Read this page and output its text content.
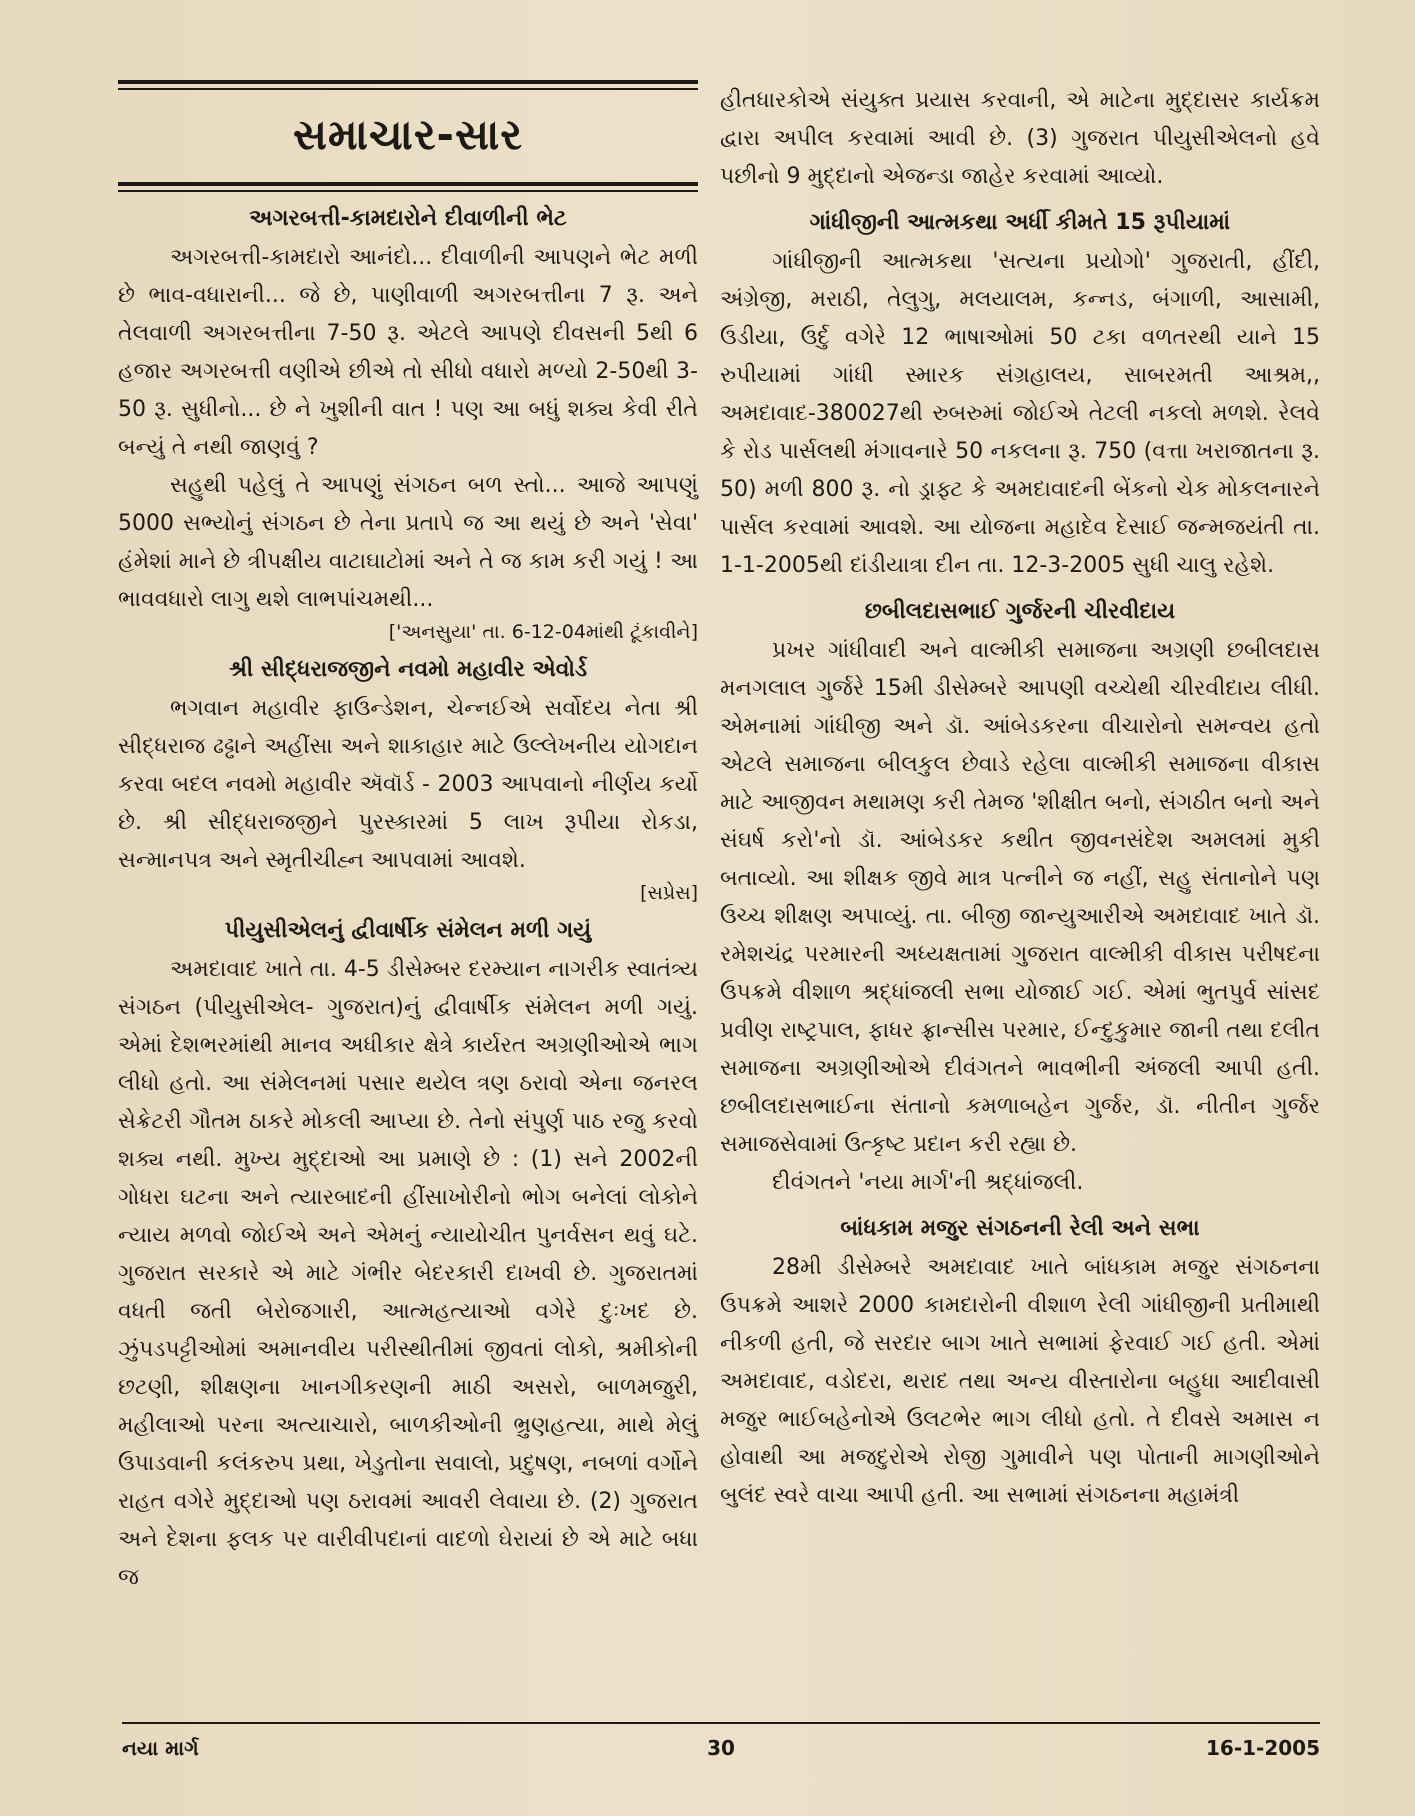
સમાચાર-સાર
અગરબત્તી-કામદારોને દીવાળીની ભેટ

અગરબત્તી-કામદારો આનંદો... દીવાળીની આપણને ભેટ મળી છે ભાવ-વધારાની... જે છે, પાણીવાળી અગરબત્તીના 7 રૂ. અને તેલવાળી અગરબત્તીના 7-50 રૂ. એટલે આપણે દીવસની 5થી 6 હજાર અગરબત્તી વણીએ છીએ તો સીધો વધારો મળ્યો 2-50થી 3-50 રૂ. સુધીનો... છે ને ખુશીની વાત ! પણ આ બધું શક્ય કેવી રીતે બન્યું તે નથી જાણવું ?

સહુથી પહેલું તે આપણું સંગઠન બળ સ્તો... આજે આપણું 5000 સભ્યોનું સંગઠન છે તેના પ્રતાપે જ આ થયું છે અને 'સેવા' હંમેશાં માને છે ત્રીપક્ષીય વાટાઘાટોમાં અને તે જ કામ કરી ગયું ! આ ભાવવધારો લાગુ થશે લાભપાંચમથી...

['અનસુયા' તા. 6-12-04માંથી ટૂંકાવીને]
શ્રી સીદ્ધરાજજીને નવમો મહાવીર એવોર્ડ

ભગવાન મહાવીર ફાઉન્ડેશન, ચેન્નઈએ સર્વોદય નેતા શ્રી સીદ્ધરાજ ઢઢ્ઢાને અહીંસા અને શાકાહાર માટે ઉલ્લેખનીય યોગદાન કરવા બદલ નવમો મહાવીર ઍવૉર્ડ - 2003 આપવાનો નીર્ણય કર્યો છે. શ્રી સીદ્ધરાજજીને પુરસ્કારમાં 5 લાખ રૂપીયા રોકડા, સન્માનપત્ર અને સ્મૃતીચીહ્ન આપવામાં આવશે.

[સપ્રેસ]
પીયુસીએલનું દ્વીવાર્ષીક સંમેલન મળી ગયું

અમદાવાદ ખાતે તા. 4-5 ડીસેમ્બર દરમ્યાન નાગરીક સ્વાતંત્ર્ય સંગઠન (પીયુસીએલ- ગુજરાત)નું દ્વીવાર્ષીક સંમેલન મળી ગયું. એમાં દેશભરમાંથી માનવ અધીકાર ક્ષેત્રે કાર્યરત અગ્રણીઓએ ભાગ લીધો હતો. આ સંમેલનમાં પસાર થયેલ ત્રણ ઠરાવો એના જનરલ સેક્રેટરી ગૌતમ ઠાકરે મોકલી આપ્યા છે. તેનો સંપુર્ણ પાઠ રજુ કરવો શક્ય નથી. મુખ્ય મુદ્દાઓ આ પ્રમાણે છે : (1) સને 2002ની ગોધરા ઘટના અને ત્યારબાદની હીંસાખોરીનો ભોગ બનેલાં લોકોને ન્યાય મળવો જોઈએ અને એમનું ન્યાયોચીત પુનર્વસન થવું ઘટે. ગુજરાત સરકારે એ માટે ગંભીર બેદરકારી દાખવી છે. ગુજરાતમાં વધતી જતી બેરોજગારી, આત્મહત્યાઓ વગેરે દુઃખદ છે. ઝુંપડપટ્ટીઓમાં અમાનવીય પરીસ્થીતીમાં જીવતાં લોકો, શ્રમીકોની છટણી, શીક્ષણના ખાનગીકરણની માઠી અસરો, બાળમજુરી, મહીલાઓ પરના અત્યાચારો, બાળકીઓની ભ્રુણહત્યા, માથે મેલું ઉપાડવાની કલંકરુપ પ્રથા, ખેડુતોના સવાલો, પ્રદુષણ, નબળાં વર્ગોને રાહત વગેરે મુદ્દાઓ પણ ઠરાવમાં આવરી લેવાયા છે. (2) ગુજરાત અને દેશના ફલક પર વારીવીપદાનાં વાદળો ઘેરાયાં છે એ માટે બધા જ

હીતધારકોએ સંયુક્ત પ્રયાસ કરવાની, એ માટેના મુદ્દાસર કાર્યક્રમ દ્વારા અપીલ કરવામાં આવી છે. (3) ગુજરાત પીયુસીએલનો હવે પછીનો 9 મુદ્દાનો એજન્ડા જાહેર કરવામાં આવ્યો.

ગાંધીજીની આત્મકથા અર્ધી કીમતે 15 રૂપીયામાં

ગાંધીજીની આત્મકથા 'સત્યના પ્રયોગો' ગુજરાતી, હીંદી, અંગ્રેજી, મરાઠી, તેલુગુ, મલયાલમ, કન્નડ, બંગાળી, આસામી, ઉડીયા, ઉર્દુ વગેરે 12 ભાષાઓમાં 50 ટકા વળતરથી યાને 15 રુપીયામાં ગાંધી સ્મારક સંગ્રહાલય, સાબરમતી આશ્રમ,, અમદાવાદ-380027થી રુબરુમાં જોઈએ તેટલી નકલો મળશે. રેલવે કે રોડ પાર્સલથી મંગાવનારે 50 નકલના રૂ. 750 (વત્તા ખરાજાતના રૂ. 50) મળી 800 રૂ. નો ડ્રાફ્ટ કે અમદાવાદની બેંકનો ચેક મોકલનારને પાર્સલ કરવામાં આવશે. આ યોજના મહાદેવ દેસાઈ જન્મજયંતી તા. 1-1-2005થી દાંડીયાત્રા દીન તા. 12-3-2005 સુધી ચાલુ રહેશે.

છબીલદાસભાઈ ગુર્જરની ચીરવીદાય

પ્રખર ગાંધીવાદી અને વાલ્મીકી સમાજના અગ્રણી છબીલદાસ મનગલાલ ગુર્જરે 15મી ડીસેમ્બરે આપણી વચ્ચેથી ચીરવીદાય લીધી. એમનામાં ગાંધીજી અને ડૉ. આંબેડકરના વીચારોનો સમન્વય હતો એટલે સમાજના બીલકુલ છેવાડે રહેલા વાલ્મીકી સમાજના વીકાસ માટે આજીવન મથામણ કરી તેમજ 'શીક્ષીત બનો, સંગઠીત બનો અને સંઘર્ષ કરો'નો ડૉ. આંબેડકર કથીત જીવનસંદેશ અમલમાં મુકી બતાવ્યો. આ શીક્ષક જીવે માત્ર પત્નીને જ નહીં, સહુ સંતાનોને પણ ઉચ્ચ શીક્ષણ અપાવ્યું. તા. બીજી જાન્યુઆરીએ અમદાવાદ ખાતે ડૉ. રમેશચંદ્ર પરમારની અધ્યક્ષતામાં ગુજરાત વાલ્મીકી વીકાસ પરીષદના ઉપક્રમે વીશાળ શ્રદ્ધાંજલી સભા યોજાઈ ગઈ. એમાં ભુતપુર્વ સાંસદ પ્રવીણ રાષ્ટ્રપાલ, ફાધર ફ્રાન્સીસ પરમાર, ઈન્દુકુમાર જાની તથા દલીત સમાજના અગ્રણીઓએ દીવંગતને ભાવભીની અંજલી આપી હતી. છબીલદાસભાઈના સંતાનો કમળાબહેન ગુર્જર, ડૉ. નીતીન ગુર્જર સમાજસેવામાં ઉત્કૃષ્ટ પ્રદાન કરી રહ્યા છે.

દીવંગતને 'નયા માર્ગ'ની શ્રદ્ધાંજલી.

બાંધકામ મજુર સંગઠનની રેલી અને સભા

28મી ડીસેમ્બરે અમદાવાદ ખાતે બાંધકામ મજુર સંગઠનના ઉપક્રમે આશરે 2000 કામદારોની વીશાળ રેલી ગાંધીજીની પ્રતીમાથી નીકળી હતી, જે સરદાર બાગ ખાતે સભામાં ફેરવાઈ ગઈ હતી. એમાં અમદાવાદ, વડોદરા, થરાદ તથા અન્ય વીસ્તારોના બહુધા આદીવાસી મજુર ભાઈબહેનોએ ઉલટભેર ભાગ લીધો હતો. તે દીવસે અમાસ ન હોવાથી આ મજદુરોએ રોજી ગુમાવીને પણ પોતાની માગણીઓને બુલંદ સ્વરે વાચા આપી હતી. આ સભામાં સંગઠનના મહામંત્રી

નયા માર્ગ	30	16-1-2005
